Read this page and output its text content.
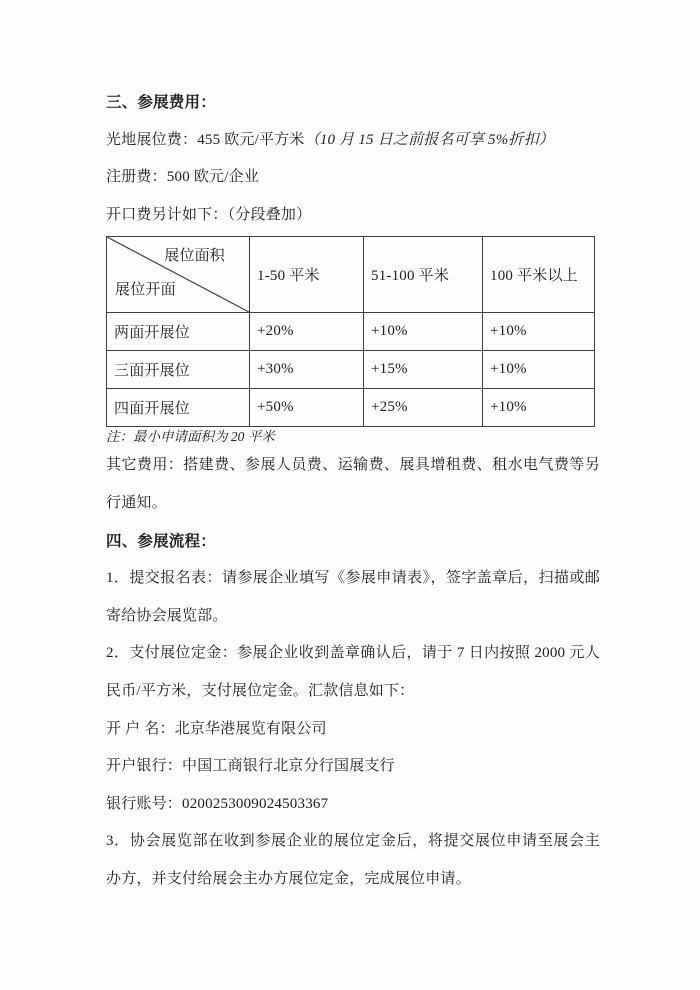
三、参展费用：

光地展位费：455 欧元/平方米（10 月 15 日之前报名可享 5%折扣）

注册费：500 欧元/企业

开口费另计如下：（分段叠加）

展位面积
展位开面	1-50 平米	51-100 平米	100 平米以上
两面开展位	+20%	+10%	+10%
三面开展位	+30%	+15%	+10%
四面开展位	+50%	+25%	+10%

注：最小申请面积为 20 平米

其它费用：搭建费、参展人员费、运输费、展具增租费、租水电气费等另行通知。

四、参展流程：

1．提交报名表：请参展企业填写《参展申请表》，签字盖章后，扫描或邮寄给协会展览部。

2．支付展位定金：参展企业收到盖章确认后，请于 7 日内按照 2000 元人民币/平方米，支付展位定金。汇款信息如下：

开 户 名：北京华港展览有限公司

开户银行：中国工商银行北京分行国展支行

银行账号：0200253009024503367

3．协会展览部在收到参展企业的展位定金后，将提交展位申请至展会主办方，并支付给展会主办方展位定金，完成展位申请。
